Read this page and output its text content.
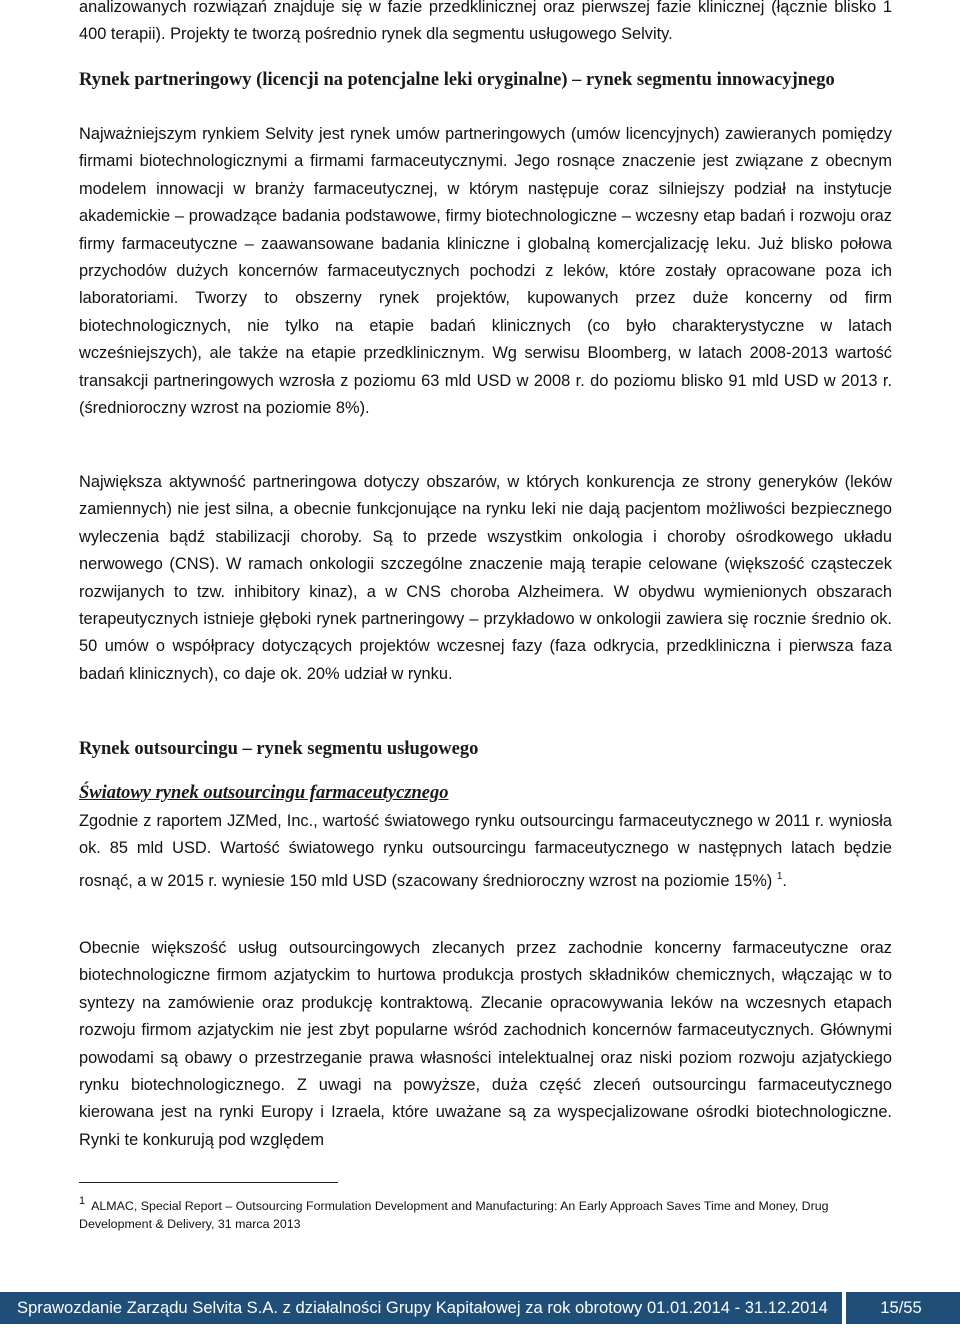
analizowanych rozwiązań znajduje się w fazie przedklinicznej oraz pierwszej fazie klinicznej (łącznie blisko 1 400 terapii). Projekty te tworzą pośrednio rynek dla segmentu usługowego Selvity.

Rynek partneringowy (licencji na potencjalne leki oryginalne) – rynek segmentu innowacyjnego

Najważniejszym rynkiem Selvity jest rynek umów partneringowych (umów licencyjnych) zawieranych pomiędzy firmami biotechnologicznymi a firmami farmaceutycznymi. Jego rosnące znaczenie jest związane z obecnym modelem innowacji w branży farmaceutycznej, w którym następuje coraz silniejszy podział na instytucje akademickie – prowadzące badania podstawowe, firmy biotechnologiczne – wczesny etap badań i rozwoju oraz firmy farmaceutyczne – zaawansowane badania kliniczne i globalną komercjalizację leku. Już blisko połowa przychodów dużych koncernów farmaceutycznych pochodzi z leków, które zostały opracowane poza ich laboratoriami. Tworzy to obszerny rynek projektów, kupowanych przez duże koncerny od firm biotechnologicznych, nie tylko na etapie badań klinicznych (co było charakterystyczne w latach wcześniejszych), ale także na etapie przedklinicznym. Wg serwisu Bloomberg, w latach 2008-2013 wartość transakcji partneringowych wzrosła z poziomu 63 mld USD w 2008 r. do poziomu blisko 91 mld USD w 2013 r. (średnioroczny wzrost na poziomie 8%).

Największa aktywność partneringowa dotyczy obszarów, w których konkurencja ze strony generyków (leków zamiennych) nie jest silna, a obecnie funkcjonujące na rynku leki nie dają pacjentom możliwości bezpiecznego wyleczenia bądź stabilizacji choroby. Są to przede wszystkim onkologia i choroby ośrodkowego układu nerwowego (CNS). W ramach onkologii szczególne znaczenie mają terapie celowane (większość cząsteczek rozwijanych to tzw. inhibitory kinaz), a w CNS choroba Alzheimera. W obydwu wymienionych obszarach terapeutycznych istnieje głęboki rynek partneringowy – przykładowo w onkologii zawiera się rocznie średnio ok. 50 umów o współpracy dotyczących projektów wczesnej fazy (faza odkrycia, przedkliniczna i pierwsza faza badań klinicznych), co daje ok. 20% udział w rynku.

Rynek outsourcingu – rynek segmentu usługowego

Światowy rynek outsourcingu farmaceutycznego

Zgodnie z raportem JZMed, Inc., wartość światowego rynku outsourcingu farmaceutycznego w 2011 r. wyniosła ok. 85 mld USD. Wartość światowego rynku outsourcingu farmaceutycznego w następnych latach będzie rosnąć, a w 2015 r. wyniesie 150 mld USD (szacowany średnioroczny wzrost na poziomie 15%) $^1$.

Obecnie większość usług outsourcingowych zlecanych przez zachodnie koncerny farmaceutyczne oraz biotechnologiczne firmom azjatyckim to hurtowa produkcja prostych składników chemicznych, włączając w to syntezy na zamówienie oraz produkcję kontraktową. Zlecanie opracowywania leków na wczesnych etapach rozwoju firmom azjatyckim nie jest zbyt popularne wśród zachodnich koncernów farmaceutycznych. Głównymi powodami są obawy o przestrzeganie prawa własności intelektualnej oraz niski poziom rozwoju azjatyckiego rynku biotechnologicznego. Z uwagi na powyższe, duża część zleceń outsourcingu farmaceutycznego kierowana jest na rynki Europy i Izraela, które uważane są za wyspecjalizowane ośrodki biotechnologiczne. Rynki te konkurują pod względem

$^1$ ALMAC, Special Report – Outsourcing Formulation Development and Manufacturing: An Early Approach Saves Time and Money, Drug Development & Delivery, 31 marca 2013

Sprawozdanie Zarządu Selvita S.A. z działalności Grupy Kapitałowej za rok obrotowy 01.01.2014 - 31.12.2014	15/55
